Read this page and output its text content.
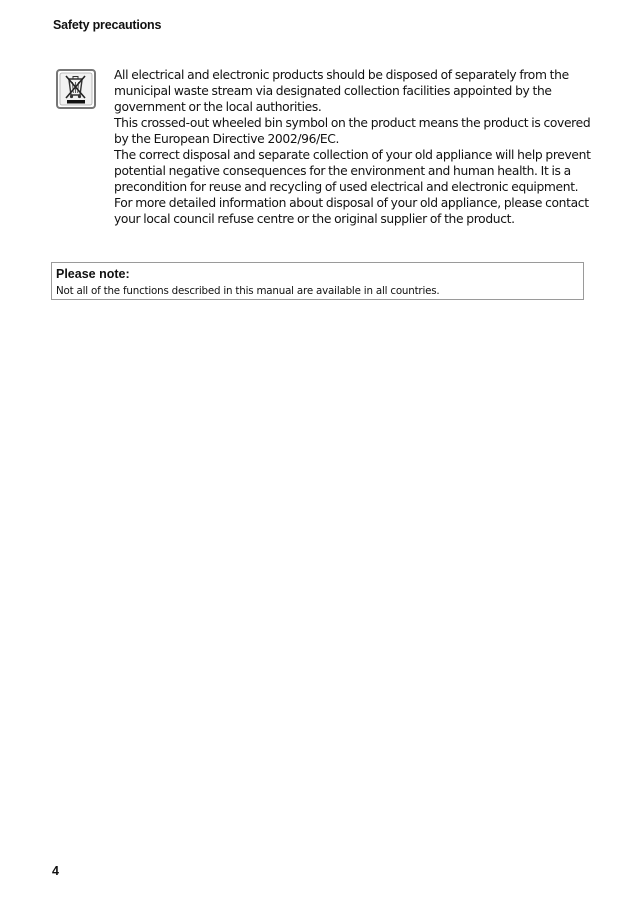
Safety precautions

All electrical and electronic products should be disposed of separately from the municipal waste stream via designated collection facilities appointed by the government or the local authorities.

This crossed-out wheeled bin symbol on the product means the product is covered by the European Directive 2002/96/EC.

The correct disposal and separate collection of your old appliance will help prevent potential negative consequences for the environment and human health. It is a precondition for reuse and recycling of used electrical and electronic equipment.

For more detailed information about disposal of your old appliance, please contact your local council refuse centre or the original supplier of the product.

Please note:
Not all of the functions described in this manual are available in all countries.
4
